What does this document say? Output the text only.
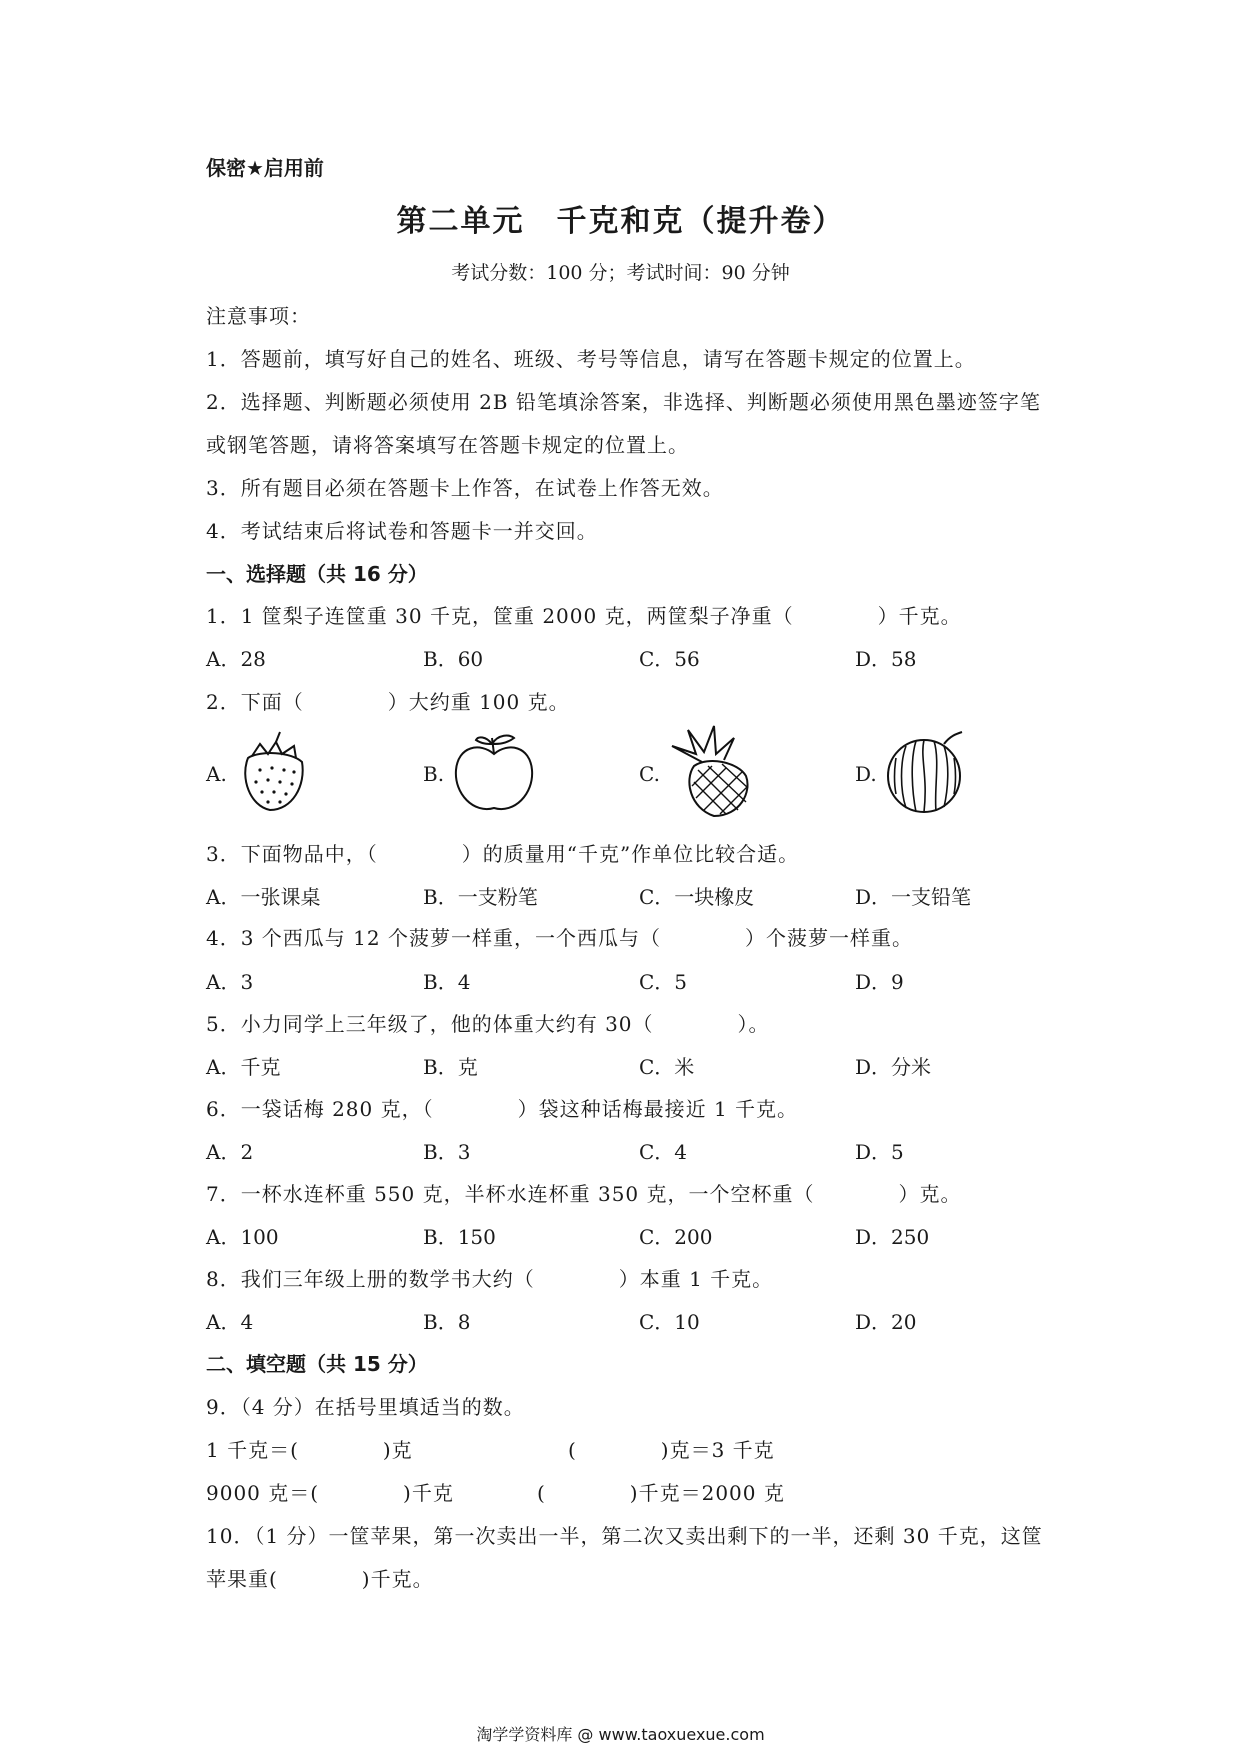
保密★启用前
第二单元　千克和克（提升卷）
考试分数：100 分；考试时间：90 分钟
注意事项：
1．答题前，填写好自己的姓名、班级、考号等信息，请写在答题卡规定的位置上。
2．选择题、判断题必须使用 2B 铅笔填涂答案，非选择、判断题必须使用黑色墨迹签字笔
或钢笔答题，请将答案填写在答题卡规定的位置上。
3．所有题目必须在答题卡上作答，在试卷上作答无效。
4．考试结束后将试卷和答题卡一并交回。
一、选择题（共 16 分）
1．1 筐梨子连筐重 30 千克，筐重 2000 克，两筐梨子净重（　　　　）千克。
A．28	B．60	C．56	D．58
2．下面（　　　　）大约重 100 克。
A.	B.	C.	D.
3．下面物品中，（　　　　）的质量用“千克”作单位比较合适。
A．一张课桌	B．一支粉笔	C．一块橡皮	D．一支铅笔
4．3 个西瓜与 12 个菠萝一样重，一个西瓜与（　　　　）个菠萝一样重。
A．3	B．4	C．5	D．9
5．小力同学上三年级了，他的体重大约有 30（　　　　）。
A．千克	B．克	C．米	D．分米
6．一袋话梅 280 克，（　　　　）袋这种话梅最接近 1 千克。
A．2	B．3	C．4	D．5
7．一杯水连杯重 550 克，半杯水连杯重 350 克，一个空杯重（　　　　）克。
A．100	B．150	C．200	D．250
8．我们三年级上册的数学书大约（　　　　）本重 1 千克。
A．4	B．8	C．10	D．20
二、填空题（共 15 分）
9．（4 分）在括号里填适当的数。
1 千克＝(　　　　)克	(　　　　)克＝3 千克
9000 克＝(　　　　)千克	(　　　　)千克＝2000 克
10．（1 分）一筐苹果，第一次卖出一半，第二次又卖出剩下的一半，还剩 30 千克，这筐
苹果重(　　　　)千克。
淘学学资料库 @ www.taoxuexue.com
